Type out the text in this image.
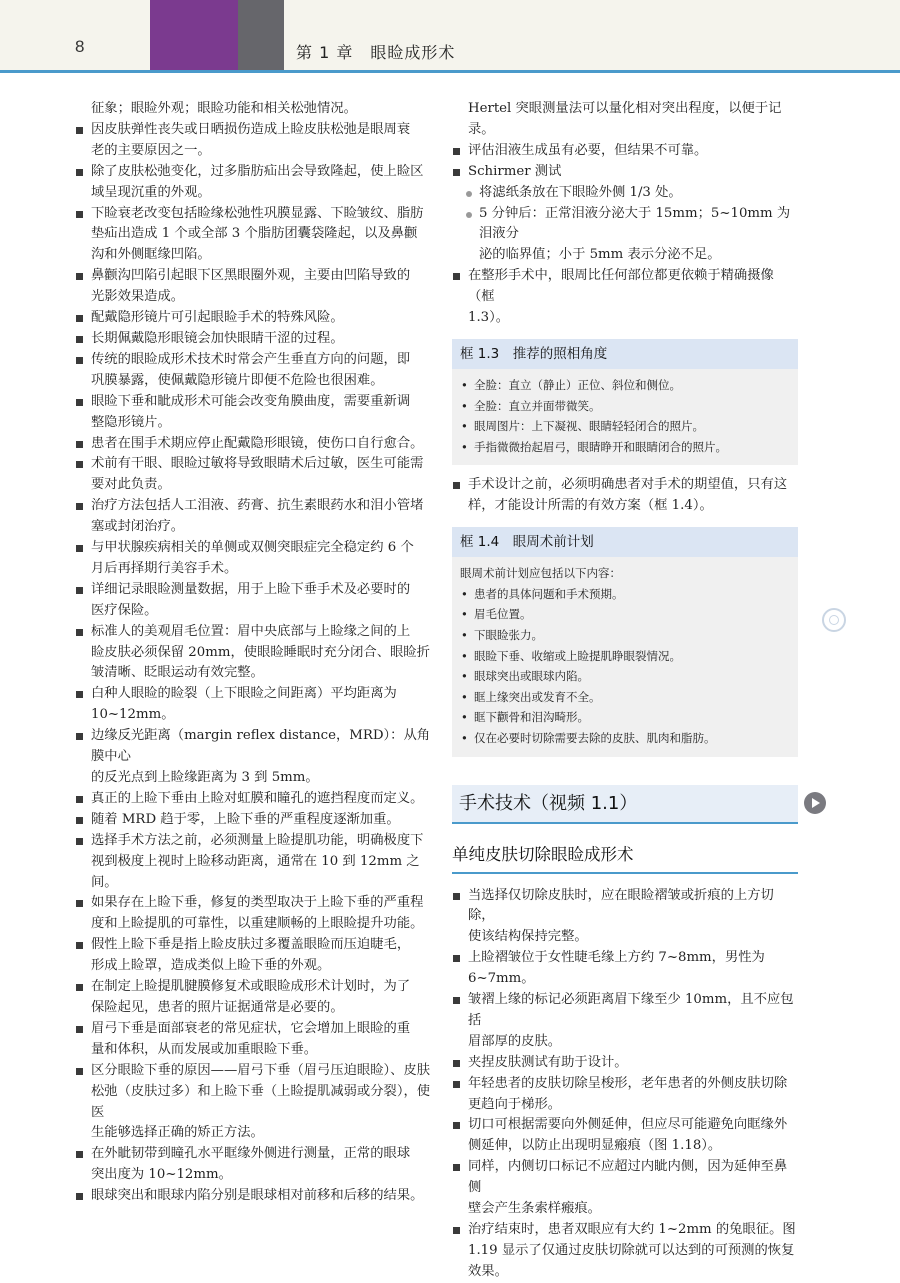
8	第 1 章　眼睑成形术

征象；眼睑外观；眼睑功能和相关松弛情况。

因皮肤弹性丧失或日晒损伤造成上睑皮肤松弛是眼周衰
老的主要原因之一。
除了皮肤松弛变化，过多脂肪疝出会导致隆起，使上睑区
域呈现沉重的外观。
下睑衰老改变包括睑缘松弛性巩膜显露、下睑皱纹、脂肪
垫疝出造成 1 个或全部 3 个脂肪团囊袋隆起，以及鼻颧
沟和外侧眶缘凹陷。
鼻颧沟凹陷引起眼下区黑眼圈外观，主要由凹陷导致的
光影效果造成。
配戴隐形镜片可引起眼睑手术的特殊风险。
长期佩戴隐形眼镜会加快眼睛干涩的过程。
传统的眼睑成形术技术时常会产生垂直方向的问题，即
巩膜暴露，使佩戴隐形镜片即便不危险也很困难。
眼睑下垂和眦成形术可能会改变角膜曲度，需要重新调
整隐形镜片。
患者在围手术期应停止配戴隐形眼镜，使伤口自行愈合。
术前有干眼、眼睑过敏将导致眼睛术后过敏，医生可能需
要对此负责。
治疗方法包括人工泪液、药膏、抗生素眼药水和泪小管堵
塞或封闭治疗。
与甲状腺疾病相关的单侧或双侧突眼症完全稳定约 6 个
月后再择期行美容手术。
详细记录眼睑测量数据，用于上睑下垂手术及必要时的
医疗保险。
标准人的美观眉毛位置：眉中央底部与上睑缘之间的上
睑皮肤必须保留 20mm，使眼睑睡眠时充分闭合、眼睑折
皱清晰、眨眼运动有效完整。
白种人眼睑的睑裂（上下眼睑之间距离）平均距离为
10~12mm。
边缘反光距离（margin reflex distance，MRD）：从角膜中心
的反光点到上睑缘距离为 3 到 5mm。
真正的上睑下垂由上睑对虹膜和瞳孔的遮挡程度而定义。
随着 MRD 趋于零，上睑下垂的严重程度逐渐加重。
选择手术方法之前，必须测量上睑提肌功能，明确极度下
视到极度上视时上睑移动距离，通常在 10 到 12mm 之间。
如果存在上睑下垂，修复的类型取决于上睑下垂的严重程
度和上睑提肌的可靠性，以重建顺畅的上眼睑提升功能。
假性上睑下垂是指上睑皮肤过多覆盖眼睑而压迫睫毛，
形成上睑罩，造成类似上睑下垂的外观。
在制定上睑提肌腱膜修复术或眼睑成形术计划时，为了
保险起见，患者的照片证据通常是必要的。
眉弓下垂是面部衰老的常见症状，它会增加上眼睑的重
量和体积，从而发展或加重眼睑下垂。
区分眼睑下垂的原因——眉弓下垂（眉弓压迫眼睑）、皮肤
松弛（皮肤过多）和上睑下垂（上睑提肌减弱或分裂），使医
生能够选择正确的矫正方法。
在外眦韧带到瞳孔水平眶缘外侧进行测量，正常的眼球
突出度为 10~12mm。
眼球突出和眼球内陷分别是眼球相对前移和后移的结果。

Hertel 突眼测量法可以量化相对突出程度，以便于记录。

评估泪液生成虽有必要，但结果不可靠。

Schirmer 测试

将滤纸条放在下眼睑外侧 1/3 处。
5 分钟后：正常泪液分泌大于 15mm；5~10mm 为泪液分
泌的临界值；小于 5mm 表示分泌不足。
在整形手术中，眼周比任何部位都更依赖于精确摄像（框
1.3）。
框 1.3　推荐的照相角度
• 全脸：直立（静止）正位、斜位和侧位。
• 全脸：直立并面带微笑。
• 眼周图片：上下凝视、眼睛轻轻闭合的照片。
• 手指微微抬起眉弓，眼睛睁开和眼睛闭合的照片。
手术设计之前，必须明确患者对手术的期望值，只有这
样，才能设计所需的有效方案（框 1.4）。
框 1.4　眼周术前计划
眼周术前计划应包括以下内容：
• 患者的具体问题和手术预期。
• 眉毛位置。
• 下眼睑张力。
• 眼睑下垂、收缩或上睑提肌睁眼裂情况。
• 眼球突出或眼球内陷。
• 眶上缘突出或发育不全。
• 眶下颧骨和泪沟畸形。
• 仅在必要时切除需要去除的皮肤、肌肉和脂肪。
手术技术（视频 1.1）
单纯皮肤切除眼睑成形术
当选择仅切除皮肤时，应在眼睑褶皱或折痕的上方切除，
使该结构保持完整。
上睑褶皱位于女性睫毛缘上方约 7~8mm，男性为 6~7mm。
皱褶上缘的标记必须距离眉下缘至少 10mm，且不应包括
眉部厚的皮肤。
夹捏皮肤测试有助于设计。
年轻患者的皮肤切除呈梭形，老年患者的外侧皮肤切除
更趋向于梯形。
切口可根据需要向外侧延伸，但应尽可能避免向眶缘外
侧延伸，以防止出现明显瘢痕（图 1.18）。
同样，内侧切口标记不应超过内眦内侧，因为延伸至鼻侧
壁会产生条索样瘢痕。
治疗结束时，患者双眼应有大约 1~2mm 的兔眼征。图
1.19 显示了仅通过皮肤切除就可以达到的可预测的恢复
效果。
